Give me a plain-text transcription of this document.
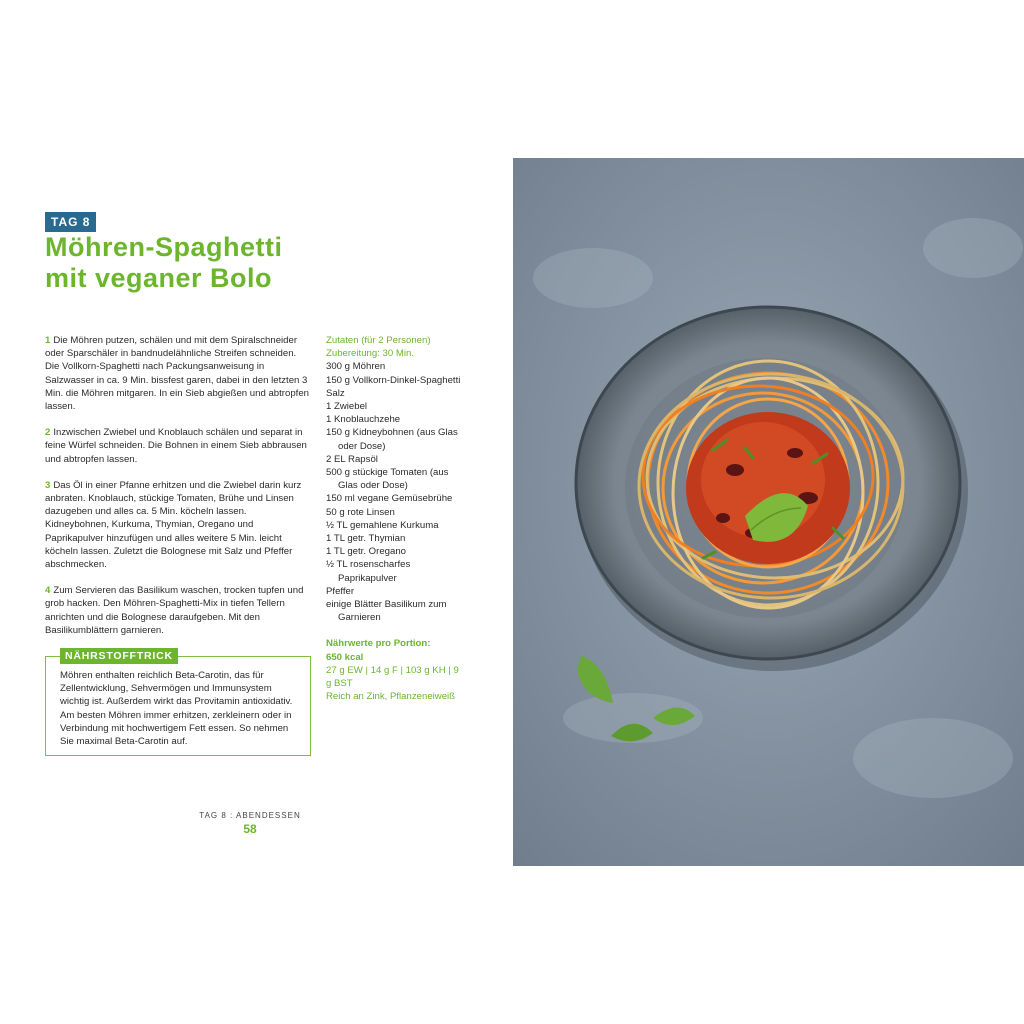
TAG 8
Möhren-Spaghetti
mit veganer Bolo

1 Die Möhren putzen, schälen und mit dem Spiralschneider oder Sparschäler in bandnudelähnliche Streifen schneiden. Die Vollkorn-Spaghetti nach Packungsanweisung in Salzwasser in ca. 9 Min. bissfest garen, dabei in den letzten 3 Min. die Möhren mitgaren. In ein Sieb abgießen und abtropfen lassen.

2 Inzwischen Zwiebel und Knoblauch schälen und separat in feine Würfel schneiden. Die Bohnen in einem Sieb abbrausen und abtropfen lassen.

3 Das Öl in einer Pfanne erhitzen und die Zwiebel darin kurz anbraten. Knoblauch, stückige Tomaten, Brühe und Linsen dazugeben und alles ca. 5 Min. köcheln lassen. Kidneybohnen, Kurkuma, Thymian, Oregano und Paprikapulver hinzufügen und alles weitere 5 Min. leicht köcheln lassen. Zuletzt die Bolognese mit Salz und Pfeffer abschmecken.

4 Zum Servieren das Basilikum waschen, trocken tupfen und grob hacken. Den Möhren-Spaghetti-Mix in tiefen Tellern anrichten und die Bolognese daraufgeben. Mit den Basilikumblättern garnieren.

Zutaten (für 2 Personen)
Zubereitung: 30 Min.
300 g Möhren
150 g Vollkorn-Dinkel-Spaghetti
Salz
1 Zwiebel
1 Knoblauchzehe
150 g Kidneybohnen (aus Glas oder Dose)
2 EL Rapsöl
500 g stückige Tomaten (aus Glas oder Dose)
150 ml vegane Gemüsebrühe
50 g rote Linsen
½ TL gemahlene Kurkuma
1 TL getr. Thymian
1 TL getr. Oregano
½ TL rosenscharfes Paprikapulver
Pfeffer
einige Blätter Basilikum zum Garnieren
Nährwerte pro Portion:
650 kcal
27 g EW | 14 g F | 103 g KH | 9 g BST
Reich an Zink, Pflanzeneiweiß
NÄHRSTOFFTRICK
Möhren enthalten reichlich Beta-Carotin, das für Zellentwicklung, Sehvermögen und Immunsystem wichtig ist. Außerdem wirkt das Provitamin antioxidativ. Am besten Möhren immer erhitzen, zerkleinern oder in Verbindung mit hochwertigem Fett essen. So nehmen Sie maximal Beta-Carotin auf.
TAG 8 : ABENDESSEN
58
